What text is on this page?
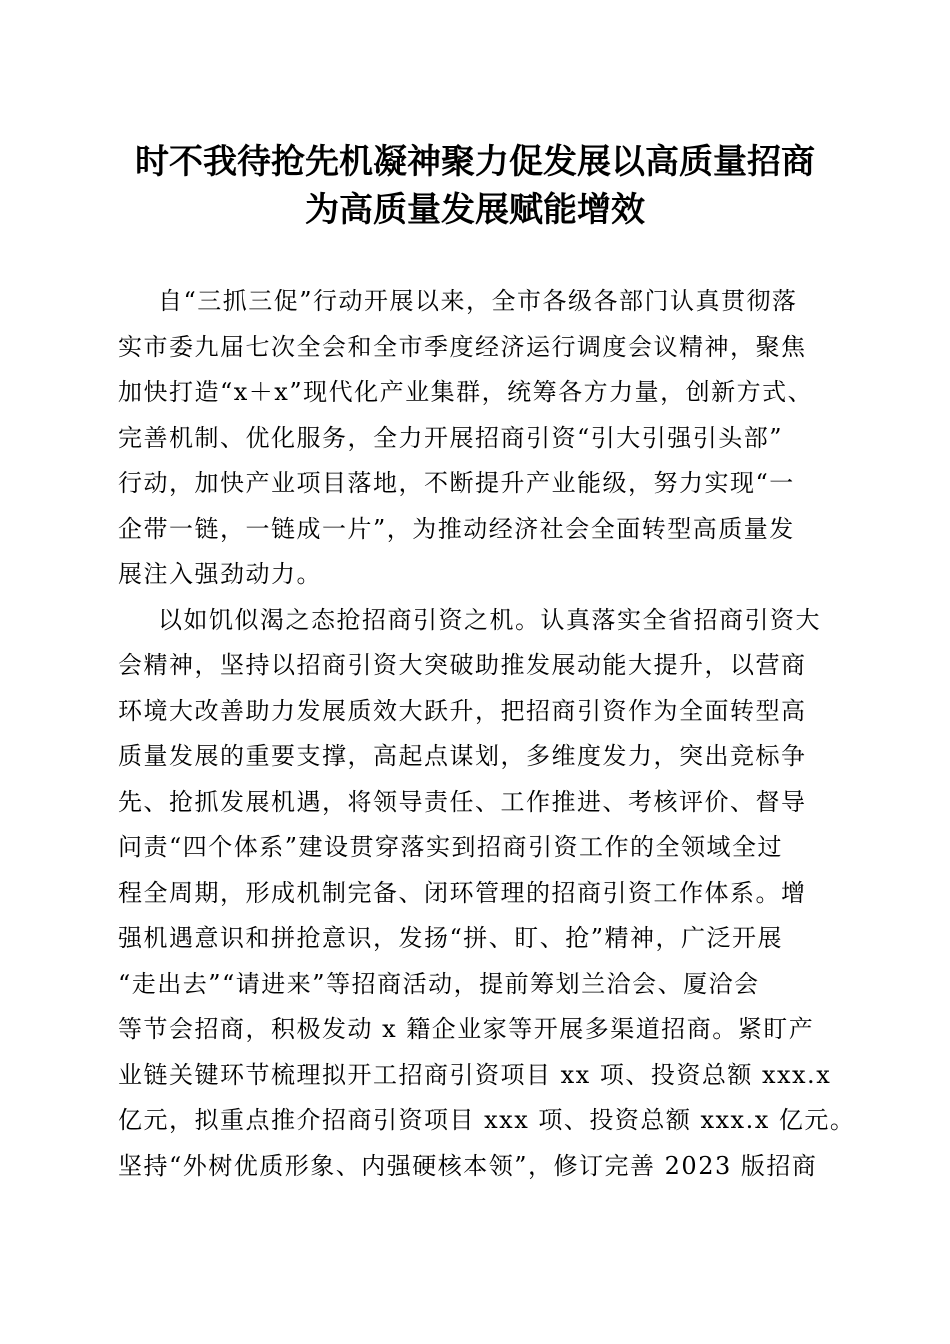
时不我待抢先机凝神聚力促发展以高质量招商
为高质量发展赋能增效
自“三抓三促”行动开展以来，全市各级各部门认真贯彻落
实市委九届七次全会和全市季度经济运行调度会议精神，聚焦
加快打造“x＋x”现代化产业集群，统筹各方力量，创新方式、
完善机制、优化服务，全力开展招商引资“引大引强引头部”
行动，加快产业项目落地，不断提升产业能级，努力实现“一
企带一链，一链成一片”，为推动经济社会全面转型高质量发
展注入强劲动力。
以如饥似渴之态抢招商引资之机。认真落实全省招商引资大
会精神，坚持以招商引资大突破助推发展动能大提升，以营商
环境大改善助力发展质效大跃升，把招商引资作为全面转型高
质量发展的重要支撑，高起点谋划，多维度发力，突出竞标争
先、抢抓发展机遇，将领导责任、工作推进、考核评价、督导
问责“四个体系”建设贯穿落实到招商引资工作的全领域全过
程全周期，形成机制完备、闭环管理的招商引资工作体系。增
强机遇意识和拼抢意识，发扬“拼、盯、抢”精神，广泛开展
“走出去”“请进来”等招商活动，提前筹划兰洽会、厦洽会
等节会招商，积极发动 x 籍企业家等开展多渠道招商。紧盯产
业链关键环节梳理拟开工招商引资项目 xx 项、投资总额 xxx.x
亿元，拟重点推介招商引资项目 xxx 项、投资总额 xxx.x 亿元。
坚持“外树优质形象、内强硬核本领”，修订完善 2023 版招商
